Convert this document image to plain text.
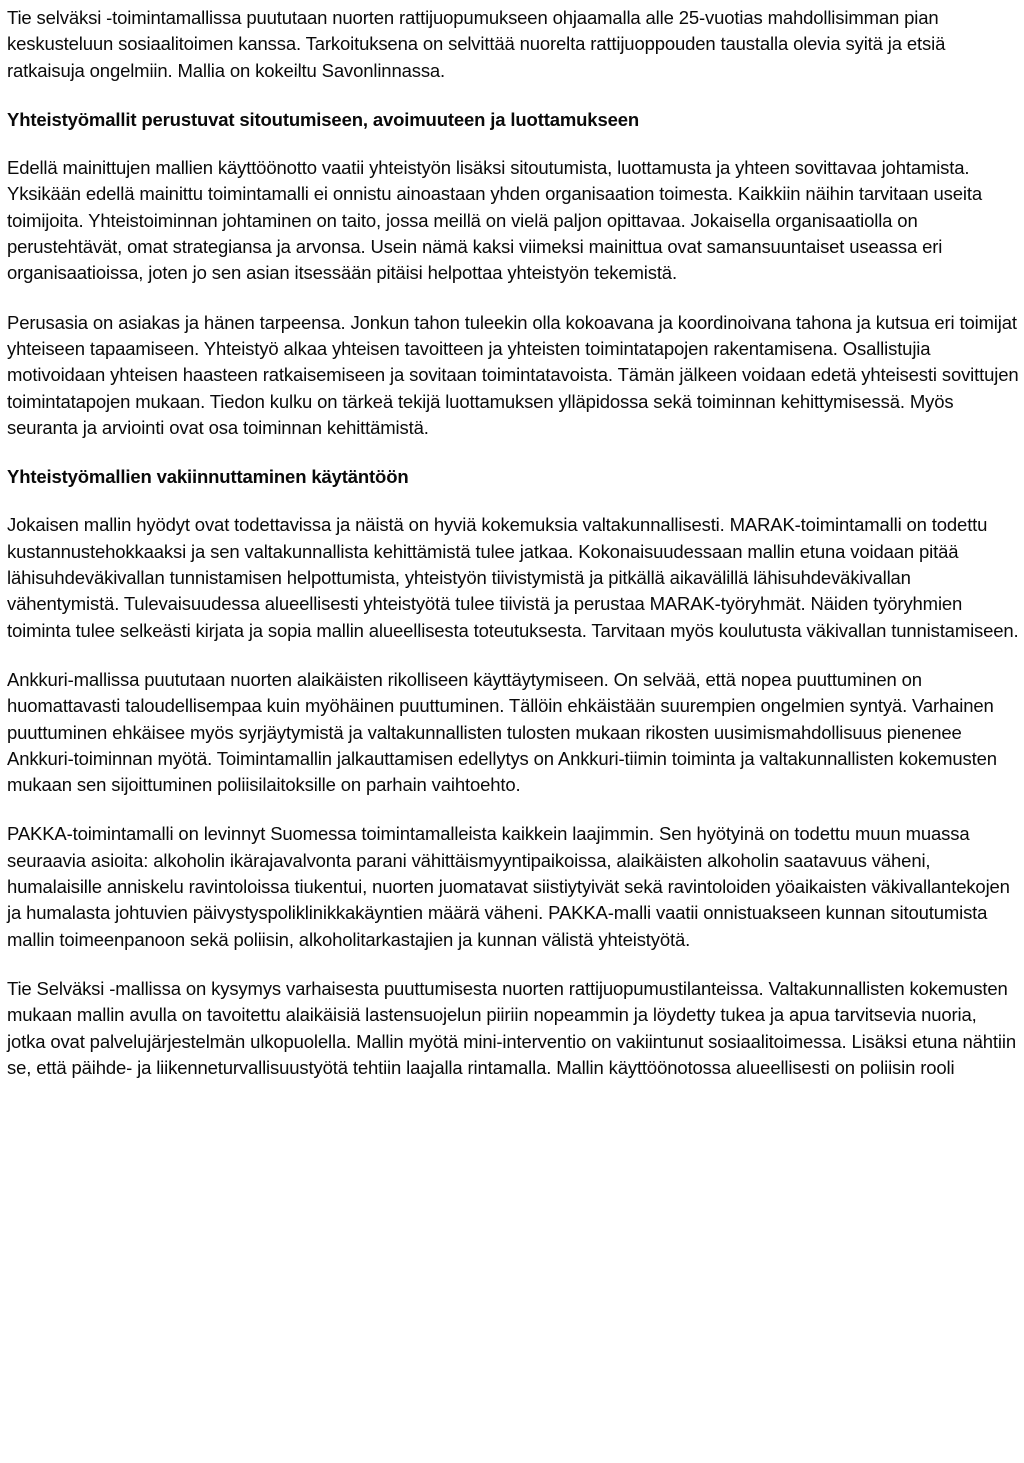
Tie selväksi -toimintamallissa puututaan nuorten rattijuopumukseen ohjaamalla alle 25-vuotias mahdollisimman pian keskusteluun sosiaalitoimen kanssa. Tarkoituksena on selvittää nuorelta rattijuoppouden taustalla olevia syitä ja etsiä ratkaisuja ongelmiin. Mallia on kokeiltu Savonlinnassa.

Yhteistyömallit perustuvat sitoutumiseen, avoimuuteen ja luottamukseen

Edellä mainittujen mallien käyttöönotto vaatii yhteistyön lisäksi sitoutumista, luottamusta ja yhteen sovittavaa johtamista. Yksikään edellä mainittu toimintamalli ei onnistu ainoastaan yhden organisaation toimesta. Kaikkiin näihin tarvitaan useita toimijoita. Yhteistoiminnan johtaminen on taito, jossa meillä on vielä paljon opittavaa. Jokaisella organisaatiolla on perustehtävät, omat strategiansa ja arvonsa. Usein nämä kaksi viimeksi mainittua ovat samansuuntaiset useassa eri organisaatioissa, joten jo sen asian itsessään pitäisi helpottaa yhteistyön tekemistä.

Perusasia on asiakas ja hänen tarpeensa. Jonkun tahon tuleekin olla kokoavana ja koordinoivana tahona ja kutsua eri toimijat yhteiseen tapaamiseen. Yhteistyö alkaa yhteisen tavoitteen ja yhteisten toimintatapojen rakentamisena. Osallistujia motivoidaan yhteisen haasteen ratkaisemiseen ja sovitaan toimintatavoista. Tämän jälkeen voidaan edetä yhteisesti sovittujen toimintatapojen mukaan. Tiedon kulku on tärkeä tekijä luottamuksen ylläpidossa sekä toiminnan kehittymisessä. Myös seuranta ja arviointi ovat osa toiminnan kehittämistä.

Yhteistyömallien vakiinnuttaminen käytäntöön

Jokaisen mallin hyödyt ovat todettavissa ja näistä on hyviä kokemuksia valtakunnallisesti. MARAK-toimintamalli on todettu kustannustehokkaaksi ja sen valtakunnallista kehittämistä tulee jatkaa. Kokonaisuudessaan mallin etuna voidaan pitää lähisuhdeväkivallan tunnistamisen helpottumista, yhteistyön tiivistymistä ja pitkällä aikavälillä lähisuhdeväkivallan vähentymistä. Tulevaisuudessa alueellisesti yhteistyötä tulee tiivistä ja perustaa MARAK-työryhmät. Näiden työryhmien toiminta tulee selkeästi kirjata ja sopia mallin alueellisesta toteutuksesta. Tarvitaan myös koulutusta väkivallan tunnistamiseen.

Ankkuri-mallissa puututaan nuorten alaikäisten rikolliseen käyttäytymiseen. On selvää, että nopea puuttuminen on huomattavasti taloudellisempaa kuin myöhäinen puuttuminen. Tällöin ehkäistään suurempien ongelmien syntyä. Varhainen puuttuminen ehkäisee myös syrjäytymistä ja valtakunnallisten tulosten mukaan rikosten uusimismahdollisuus pienenee Ankkuri-toiminnan myötä. Toimintamallin jalkauttamisen edellytys on Ankkuri-tiimin toiminta ja valtakunnallisten kokemusten mukaan sen sijoittuminen poliisilaitoksille on parhain vaihtoehto.

PAKKA-toimintamalli on levinnyt Suomessa toimintamalleista kaikkein laajimmin. Sen hyötyinä on todettu muun muassa seuraavia asioita: alkoholin ikärajavalvonta parani vähittäismyyntipaikoissa, alaikäisten alkoholin saatavuus väheni, humalaisille anniskelu ravintoloissa tiukentui, nuorten juomatavat siistiytyivät sekä ravintoloiden yöaikaisten väkivallantekojen ja humalasta johtuvien päivystyspoliklinikkakäyntien määrä väheni. PAKKA-malli vaatii onnistuakseen kunnan sitoutumista mallin toimeenpanoon sekä poliisin, alkoholitarkastajien ja kunnan välistä yhteistyötä.

Tie Selväksi -mallissa on kysymys varhaisesta puuttumisesta nuorten rattijuopumustilanteissa. Valtakunnallisten kokemusten mukaan mallin avulla on tavoitettu alaikäisiä lastensuojelun piiriin nopeammin ja löydetty tukea ja apua tarvitsevia nuoria, jotka ovat palvelujärjestelmän ulkopuolella. Mallin myötä mini-interventio on vakiintunut sosiaalitoimessa. Lisäksi etuna nähtiin se, että päihde- ja liikenneturvallisuustyötä tehtiin laajalla rintamalla. Mallin käyttöönotossa alueellisesti on poliisin rooli
